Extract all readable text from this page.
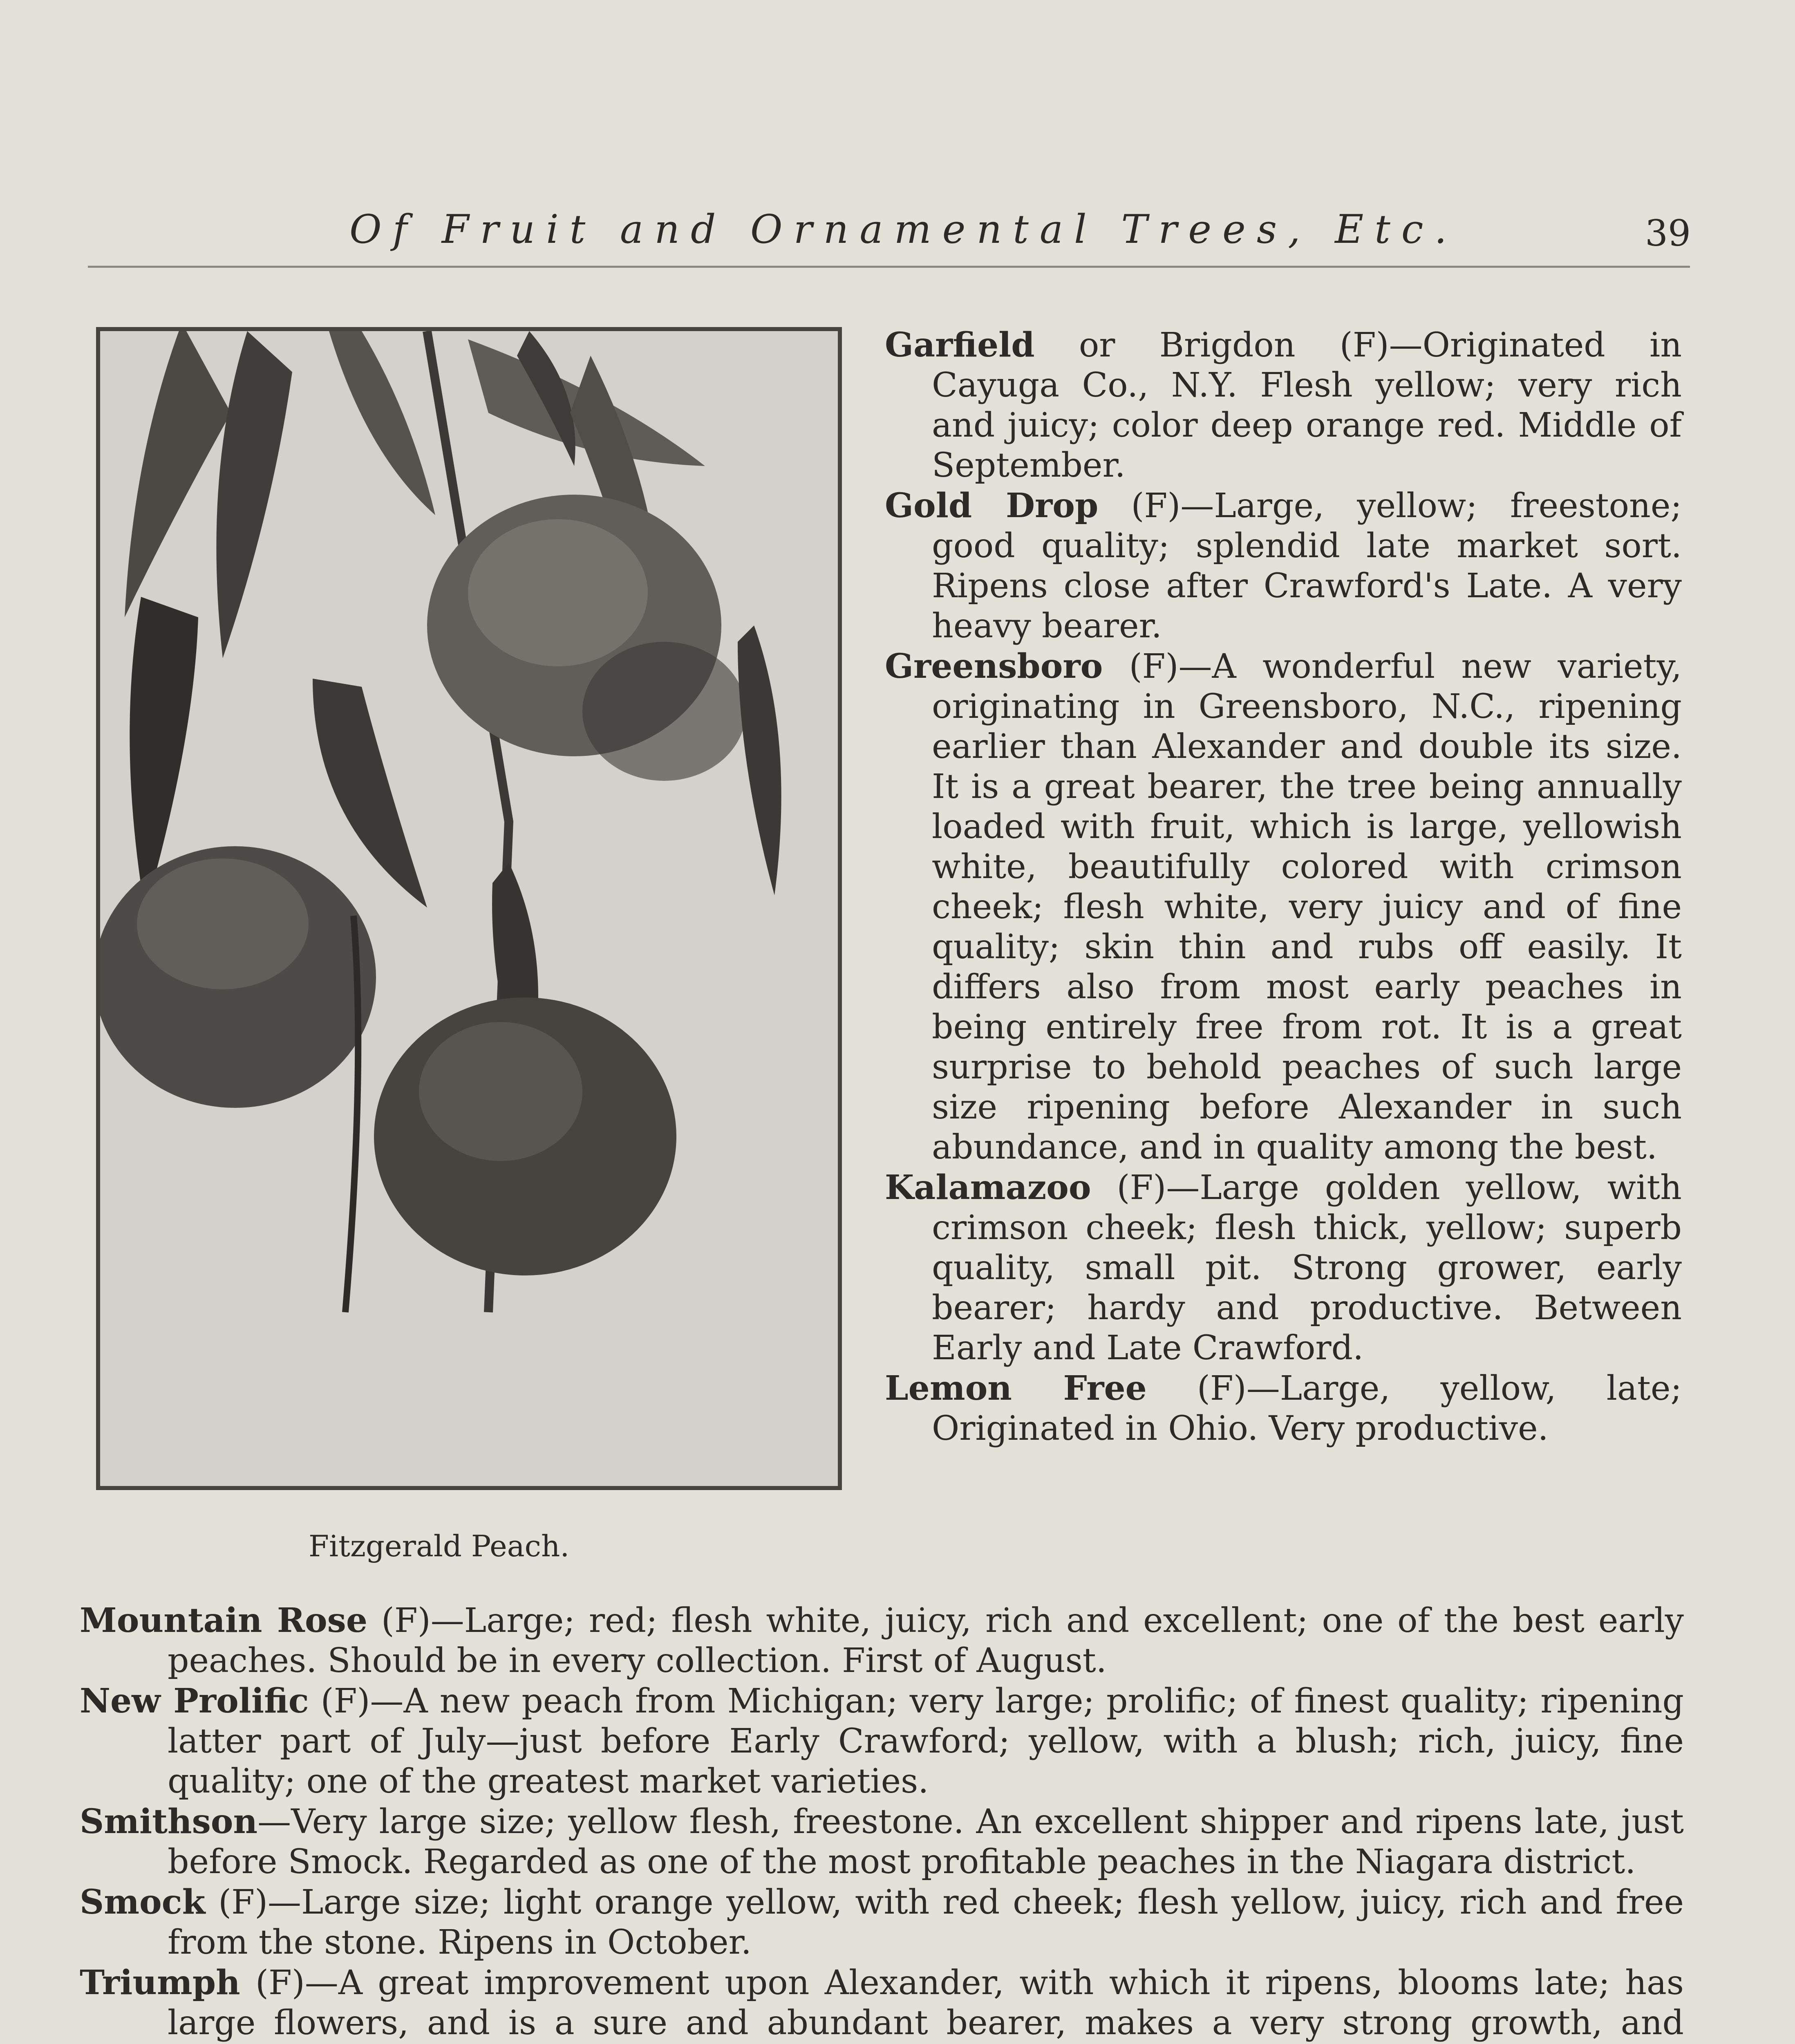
Of Fruit and Ornamental Trees, Etc.	39
Fitzgerald Peach.

Garfield or Brigdon (F)—Originated in Cayuga Co., N.Y. Flesh yellow; very rich and juicy; color deep orange red. Middle of September.

Gold Drop (F)—Large, yellow; freestone; good quality; splendid late market sort. Ripens close after Crawford's Late. A very heavy bearer.

Greensboro (F)—A wonderful new variety, originating in Greensboro, N.C., ripening earlier than Alexander and double its size. It is a great bearer, the tree being annually loaded with fruit, which is large, yellowish white, beautifully colored with crimson cheek; flesh white, very juicy and of fine quality; skin thin and rubs off easily. It differs also from most early peaches in being entirely free from rot. It is a great surprise to behold peaches of such large size ripening before Alexander in such abundance, and in quality among the best.

Kalamazoo (F)—Large golden yellow, with crimson cheek; flesh thick, yellow; superb quality, small pit. Strong grower, early bearer; hardy and productive. Between Early and Late Crawford.

Lemon Free (F)—Large, yellow, late; Originated in Ohio. Very productive.

Mountain Rose (F)—Large; red; flesh white, juicy, rich and excellent; one of the best early peaches. Should be in every collection. First of August.

New Prolific (F)—A new peach from Michigan; very large; prolific; of finest quality; ripening latter part of July—just before Early Crawford; yellow, with a blush; rich, juicy, fine quality; one of the greatest market varieties.

Smithson—Very large size; yellow flesh, freestone. An excellent shipper and ripens late, just before Smock. Regarded as one of the most profitable peaches in the Niagara district.

Smock (F)—Large size; light orange yellow, with red cheek; flesh yellow, juicy, rich and free from the stone. Ripens in October.

Triumph (F)—A great improvement upon Alexander, with which it ripens, blooms late; has large flowers, and is a sure and abundant bearer, makes a very strong growth, and
